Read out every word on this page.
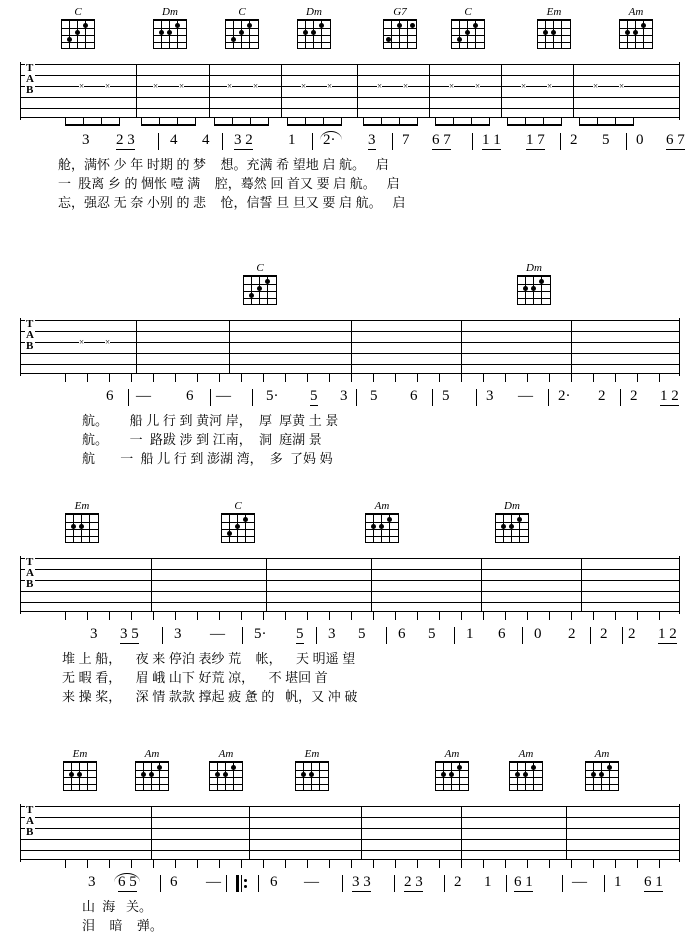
C	Dm	C	Dm	G7	C	Em	Am
T
A
B	× ×	× ×	× ×	× ×	× ×	× ×	× ×	× ×
3 2 3 4 4 3 2 1 2· 3 7 6 7 1 1 1 7 2 5 0 6 7
舱，满怀 少 年 时期 的 梦    想。充满 希 望地 启 航。   启
一  股离 乡 的 惆怅 噎 满    腔，蓦然 回 首又 要 启 航。   启
忘，强忍 无 奈 小别 的 悲    怆，信誓 旦 旦又 要 启 航。   启
C	Dm
T
A
B	× ×
6 — 6 — 5· 5 3 5 6 5 3 — 2· 2 2 1 2
航。      船 儿 行 到 黄河 岸，  厚  厚黄 土 景
航。      一  路跋 涉 到 江南，  洞  庭湖 景
航       一  船 儿 行 到 澎湖 湾，  多  了妈 妈
Em	C	Am	Dm
T
A
B
3 3 5 3 — 5· 5 3 5 6 5 1 6 0 2 2 2 1 2
堆 上 船，    夜 来 停泊 表纱 荒    帐，    天 明遥 望
无 暇 看，    眉 峨 山下 好荒 凉，    不 堪回 首
来 操 桨，    深 情 款款 撑起 疲 惫 的   帆，又 冲 破
Em	Am	Am	Em	Am	Am	Am
T
A
B
3 6 5 6 —	6 — 3 3 2 3 2 1 6 1	— 1 6 1
山  海   关。
泪    暗    弹。
